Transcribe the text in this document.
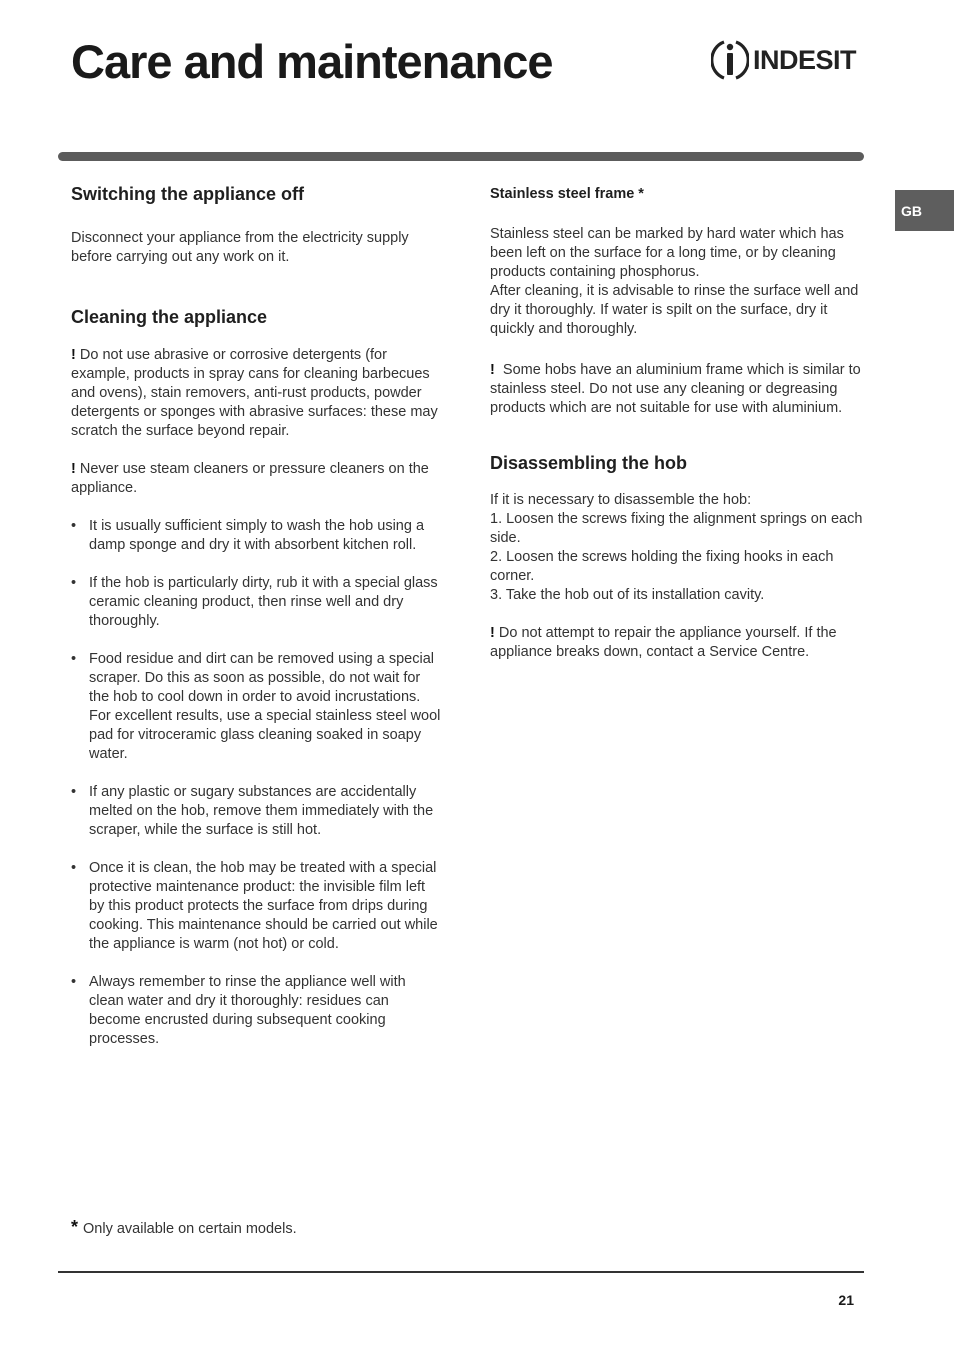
Care and maintenance	INDESIT
GB
Switching the appliance off

Disconnect your appliance from the electricity supply before carrying out any work on it.

Cleaning the appliance

! Do not use abrasive or corrosive detergents (for example, products in spray cans for cleaning barbecues and ovens), stain removers, anti-rust products, powder detergents or sponges with abrasive surfaces: these may scratch the surface beyond repair.

! Never use steam cleaners or pressure cleaners on the appliance.

• It is usually sufficient simply to wash the hob using a damp sponge and dry it with absorbent kitchen roll.
• If the hob is particularly dirty, rub it with a special glass ceramic cleaning product, then rinse well and dry thoroughly.
• Food residue and dirt can be removed using a special scraper. Do this as soon as possible, do not wait for the hob to cool down in order to avoid incrustations. For excellent results, use a special stainless steel wool pad for vitroceramic glass cleaning soaked in soapy water.
• If any plastic or sugary substances are accidentally melted on the hob, remove them immediately with the scraper, while the surface is still hot.
• Once it is clean, the hob may be treated with a special protective maintenance product: the invisible film left by this product protects the surface from drips during cooking. This maintenance should be carried out while the appliance is warm (not hot) or cold.
• Always remember to rinse the appliance well with clean water and dry it thoroughly: residues can become encrusted during subsequent cooking processes.
Stainless steel frame *

Stainless steel can be marked by hard water which has been left on the surface for a long time, or by cleaning products containing phosphorus.

After cleaning, it is advisable to rinse the surface well and dry it thoroughly. If water is spilt on the surface, dry it quickly and thoroughly.

! Some hobs have an aluminium frame which is similar to stainless steel. Do not use any cleaning or degreasing products which are not suitable for use with aluminium.

Disassembling the hob

If it is necessary to disassemble the hob:

1. Loosen the screws fixing the alignment springs on each side.

2. Loosen the screws holding the fixing hooks in each corner.

3. Take the hob out of its installation cavity.

! Do not attempt to repair the appliance yourself. If the appliance breaks down, contact a Service Centre.

* Only available on certain models.
21
